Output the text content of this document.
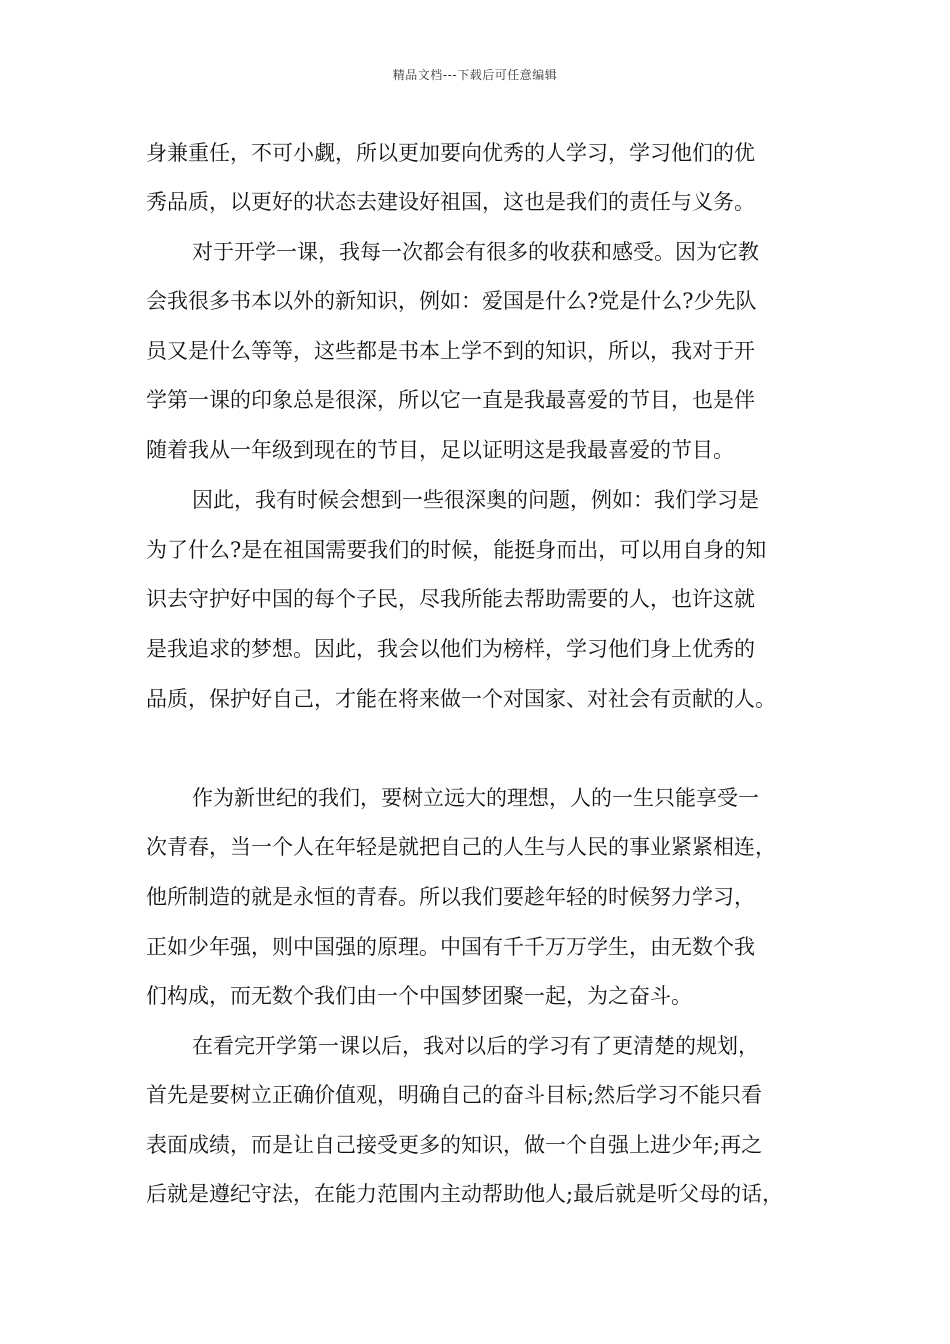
精品文档---下载后可任意编辑
身兼重任，不可小觑，所以更加要向优秀的人学习，学习他们的优
秀品质，以更好的状态去建设好祖国，这也是我们的责任与义务。
对于开学一课，我每一次都会有很多的收获和感受。因为它教
会我很多书本以外的新知识，例如：爱国是什么?党是什么?少先队
员又是什么等等，这些都是书本上学不到的知识，所以，我对于开
学第一课的印象总是很深，所以它一直是我最喜爱的节目，也是伴
随着我从一年级到现在的节目，足以证明这是我最喜爱的节目。
因此，我有时候会想到一些很深奥的问题，例如：我们学习是
为了什么?是在祖国需要我们的时候，能挺身而出，可以用自身的知
识去守护好中国的每个子民，尽我所能去帮助需要的人，也许这就
是我追求的梦想。因此，我会以他们为榜样，学习他们身上优秀的
品质，保护好自己，才能在将来做一个对国家、对社会有贡献的人。
作为新世纪的我们，要树立远大的理想，人的一生只能享受一
次青春，当一个人在年轻是就把自己的人生与人民的事业紧紧相连，
他所制造的就是永恒的青春。所以我们要趁年轻的时候努力学习，
正如少年强，则中国强的原理。中国有千千万万学生，由无数个我
们构成，而无数个我们由一个中国梦团聚一起，为之奋斗。
在看完开学第一课以后，我对以后的学习有了更清楚的规划，
首先是要树立正确价值观，明确自己的奋斗目标;然后学习不能只看
表面成绩，而是让自己接受更多的知识，做一个自强上进少年;再之
后就是遵纪守法，在能力范围内主动帮助他人;最后就是听父母的话，
